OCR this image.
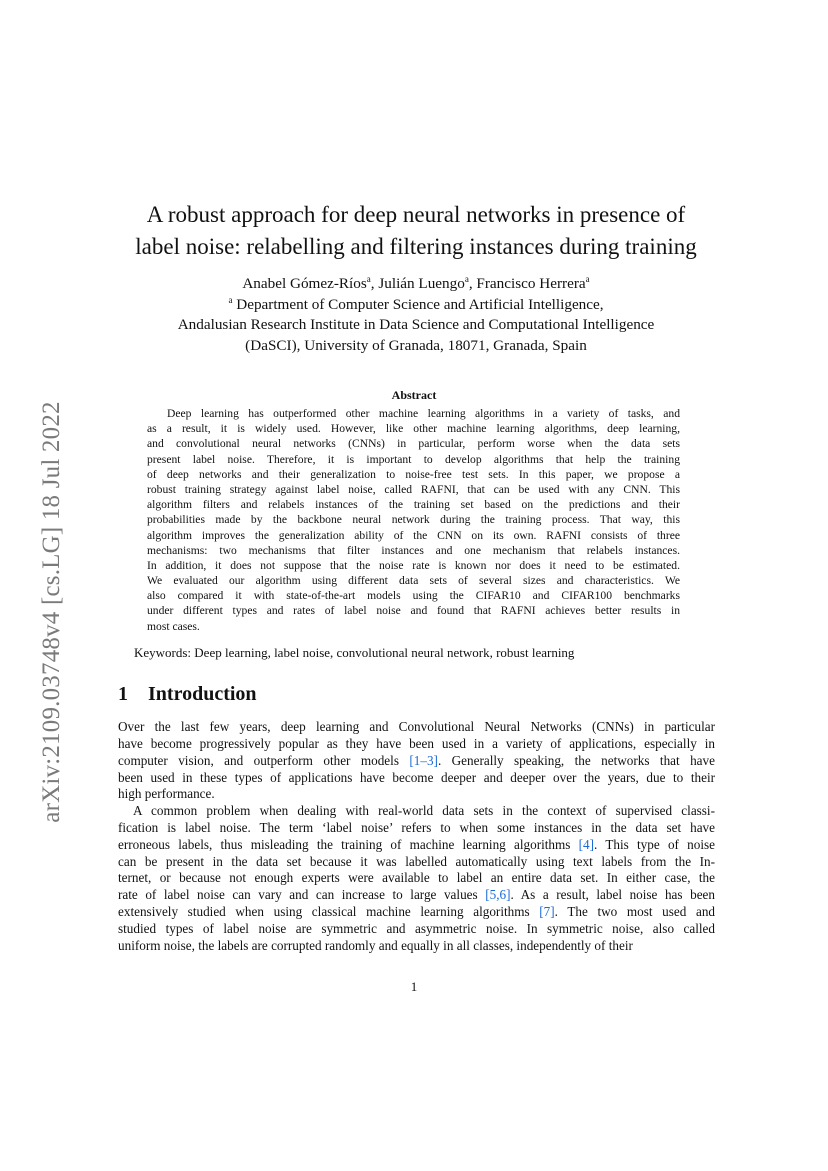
arXiv:2109.03748v4 [cs.LG] 18 Jul 2022
A robust approach for deep neural networks in presence of
label noise: relabelling and filtering instances during training
Anabel Gómez-Ríos$^a$, Julián Luengo$^a$, Francisco Herrera$^a$
$^a$ Department of Computer Science and Artificial Intelligence,
Andalusian Research Institute in Data Science and Computational Intelligence
(DaSCI), University of Granada, 18071, Granada, Spain
Abstract
Deep learning has outperformed other machine learning algorithms in a variety of tasks, and
as a result, it is widely used. However, like other machine learning algorithms, deep learning,
and convolutional neural networks (CNNs) in particular, perform worse when the data sets
present label noise. Therefore, it is important to develop algorithms that help the training
of deep networks and their generalization to noise-free test sets. In this paper, we propose a
robust training strategy against label noise, called RAFNI, that can be used with any CNN. This
algorithm filters and relabels instances of the training set based on the predictions and their
probabilities made by the backbone neural network during the training process. That way, this
algorithm improves the generalization ability of the CNN on its own. RAFNI consists of three
mechanisms: two mechanisms that filter instances and one mechanism that relabels instances.
In addition, it does not suppose that the noise rate is known nor does it need to be estimated.
We evaluated our algorithm using different data sets of several sizes and characteristics. We
also compared it with state-of-the-art models using the CIFAR10 and CIFAR100 benchmarks
under different types and rates of label noise and found that RAFNI achieves better results in
most cases.
Keywords: Deep learning, label noise, convolutional neural network, robust learning
1 Introduction
Over the last few years, deep learning and Convolutional Neural Networks (CNNs) in particular
have become progressively popular as they have been used in a variety of applications, especially in
computer vision, and outperform other models [1–3]. Generally speaking, the networks that have
been used in these types of applications have become deeper and deeper over the years, due to their
high performance.
A common problem when dealing with real-world data sets in the context of supervised classi-
fication is label noise. The term ‘label noise’ refers to when some instances in the data set have
erroneous labels, thus misleading the training of machine learning algorithms [4]. This type of noise
can be present in the data set because it was labelled automatically using text labels from the In-
ternet, or because not enough experts were available to label an entire data set. In either case, the
rate of label noise can vary and can increase to large values [5,6]. As a result, label noise has been
extensively studied when using classical machine learning algorithms [7]. The two most used and
studied types of label noise are symmetric and asymmetric noise. In symmetric noise, also called
uniform noise, the labels are corrupted randomly and equally in all classes, independently of their
1
